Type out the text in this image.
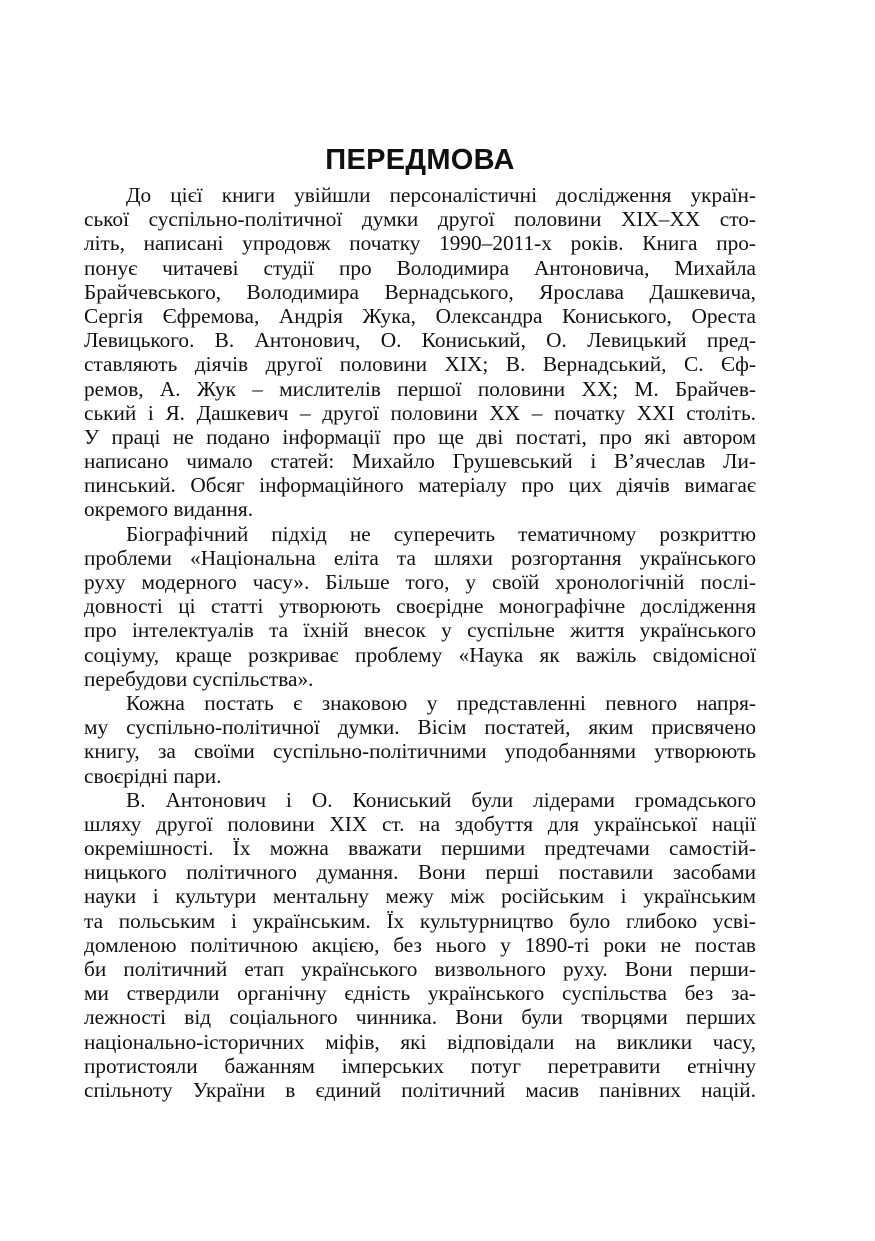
ПЕРЕДМОВА
До цієї книги увійшли персоналістичні дослідження україн-
ської суспільно-політичної думки другої половини ХІХ–ХХ сто-
літь, написані упродовж початку 1990–2011-х років. Книга про-
понує читачеві студії про Володимира Антоновича, Михайла
Брайчевського, Володимира Вернадського, Ярослава Дашкевича,
Сергія Єфремова, Андрія Жука, Олександра Кониського, Ореста
Левицького. В. Антонович, О. Кониський, О. Левицький пред-
ставляють діячів другої половини ХІХ; В. Вернадський, С. Єф-
ремов, А. Жук – мислителів першої половини ХХ; М. Брайчев-
ський і Я. Дашкевич – другої половини ХХ – початку ХХІ століть.
У праці не подано інформації про ще дві постаті, про які автором
написано чимало статей: Михайло Грушевський і В’ячеслав Ли-
пинський. Обсяг інформаційного матеріалу про цих діячів вимагає
окремого видання.
Біографічний підхід не суперечить тематичному розкриттю
проблеми «Національна еліта та шляхи розгортання українського
руху модерного часу». Більше того, у своїй хронологічній послі-
довності ці статті утворюють своєрідне монографічне дослідження
про інтелектуалів та їхній внесок у суспільне життя українського
соціуму, краще розкриває проблему «Наука як важіль свідомісної
перебудови суспільства».
Кожна постать є знаковою у представленні певного напря-
му суспільно-політичної думки. Вісім постатей, яким присвячено
книгу, за своїми суспільно-політичними уподобаннями утворюють
своєрідні пари.
В. Антонович і О. Кониський були лідерами громадського
шляху другої половини ХІХ ст. на здобуття для української нації
окремішності. Їх можна вважати першими предтечами самостій-
ницького політичного думання. Вони перші поставили засобами
науки і культури ментальну межу між російським і українським
та польським і українським. Їх культурництво було глибоко усві-
домленою політичною акцією, без нього у 1890-ті роки не постав
би політичний етап українського визвольного руху. Вони перши-
ми ствердили органічну єдність українського суспільства без за-
лежності від соціального чинника. Вони були творцями перших
національно-історичних міфів, які відповідали на виклики часу,
протистояли бажанням імперських потуг перетравити етнічну
спільноту України в єдиний політичний масив панівних націй.
